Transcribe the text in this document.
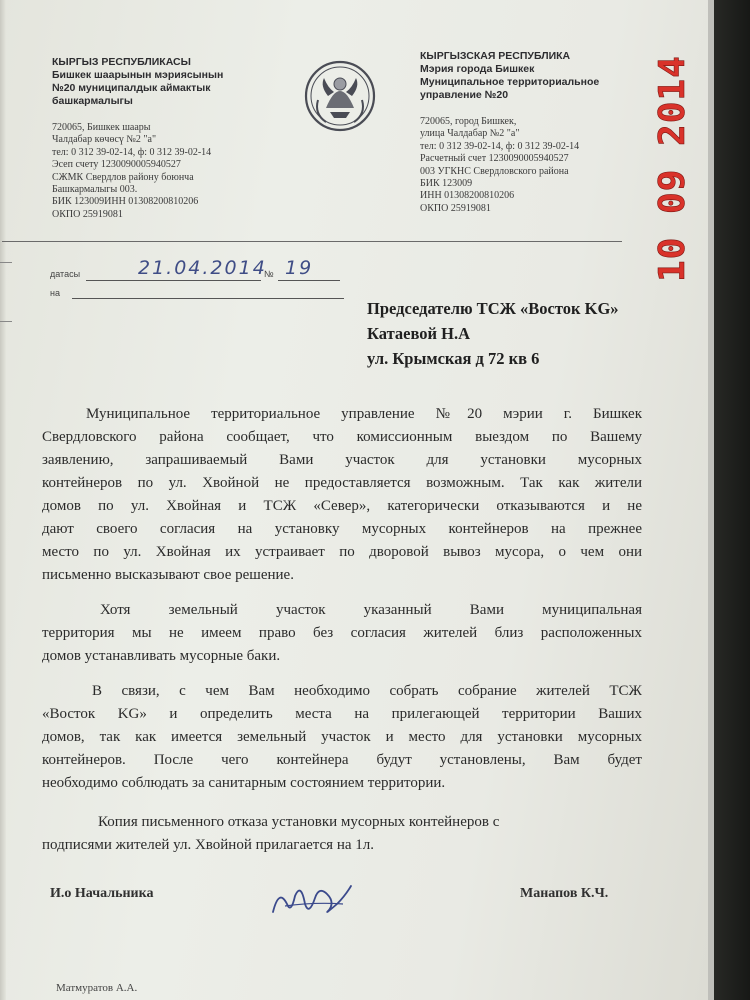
КЫРГЫЗ РЕСПУБЛИКАСЫ
Бишкек шаарынын мэриясынын
№20 муниципалдык аймактык
башкармалыгы
720065, Бишкек шаары
Чалдабар көчөсү №2 "а"
тел: 0 312 39-02-14, ф: 0 312 39-02-14
Эсеп счету 1230090005940527
СЖМК Свердлов районy боюнча
Башкармалыгы 003.
БИК 123009ИНН 01308200810206
ОКПО 25919081
КЫРГЫЗСКАЯ РЕСПУБЛИКА
Мэрия города Бишкек
Муниципальное территориальное
управление №20
720065, город Бишкек,
улица Чалдабар №2 "а"
тел: 0 312 39-02-14, ф: 0 312 39-02-14
Расчетный счет 1230090005940527
003 УГКНС Свердловского района
БИК 123009
ИНН 01308200810206
ОКПО 25919081
датасы	21.04.2014
№ 19
на
Председателю ТСЖ «Восток KG»
Катаевой Н.А
ул. Крымская д 72 кв 6
Муниципальное территориальное управление №20 мэрии г. Бишкек
Свердловского района сообщает, что комиссионным выездом по Вашему
заявлению, запрашиваемый Вами участок для установки мусорных
контейнеров по ул. Хвойной не предоставляется возможным. Так как жители
домов по ул. Хвойная и ТСЖ «Север», категорически отказываются и не
дают своего согласия на установку мусорных контейнеров на прежнее
место по ул. Хвойная их устраивает по дворовой вывоз мусора, о чем они
письменно высказывают свое решение.
Хотя земельный участок указанный Вами муниципальная
территория мы не имеем право без согласия жителей близ расположенных
домов устанавливать мусорные баки.
В связи, с чем Вам необходимо собрать собрание жителей ТСЖ
«Восток KG» и определить места на прилегающей территории Ваших
домов, так как имеется земельный участок и место для установки мусорных
контейнеров. После чего контейнера будут установлены, Вам будет
необходимо соблюдать за санитарным состоянием территории.
Копия письменного отказа установки мусорных контейнеров с
подписями жителей ул. Хвойной прилагается на 1л.
И.о Начальника	Манапов К.Ч.
Матмуратов А.А.
10 09 2014
